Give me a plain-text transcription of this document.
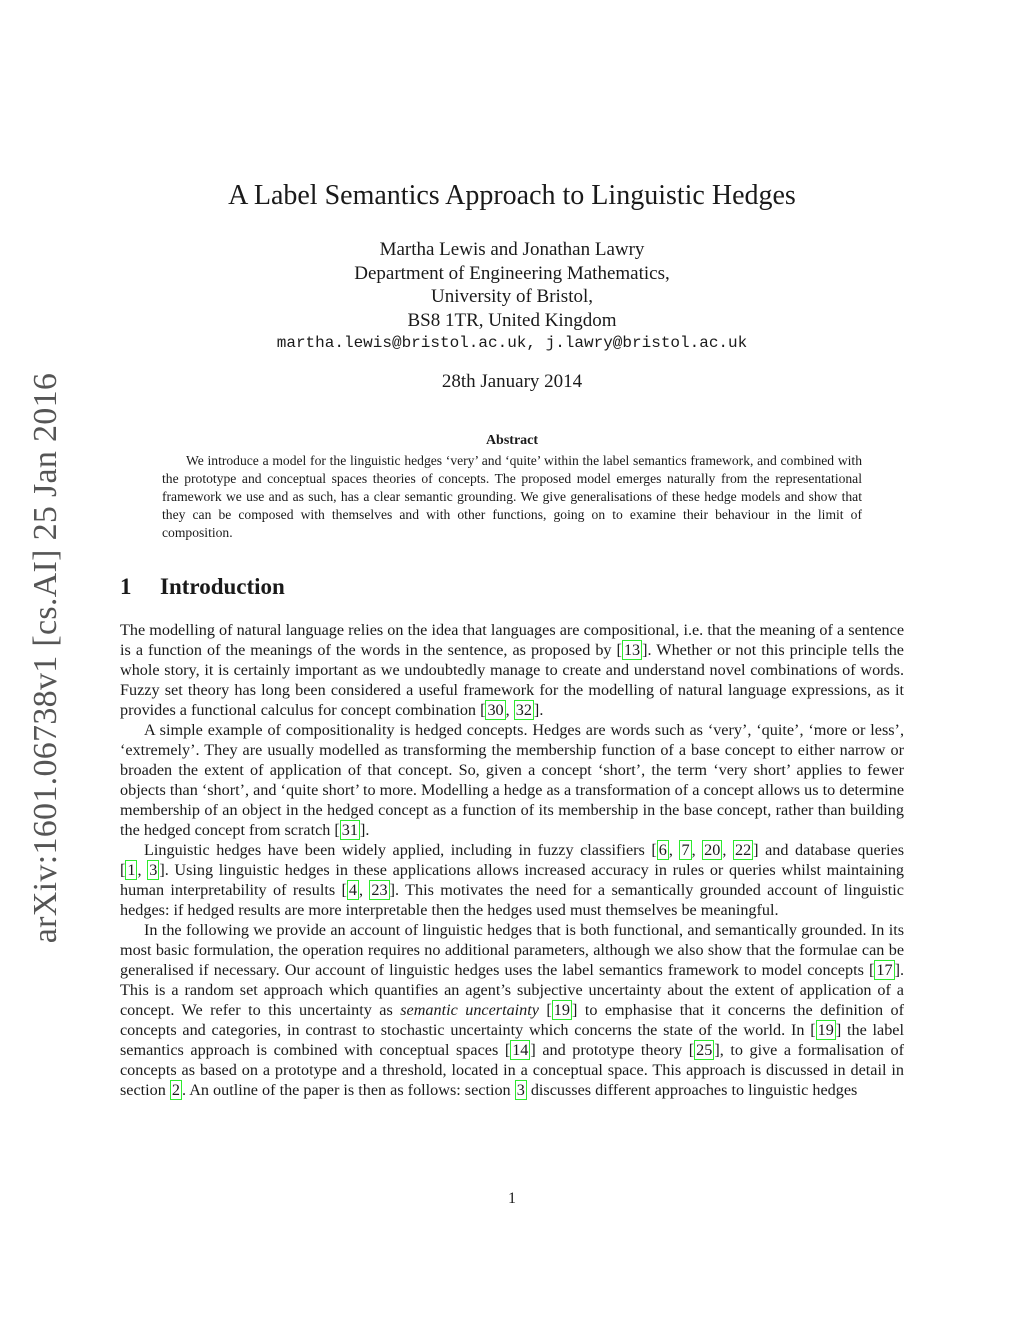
arXiv:1601.06738v1 [cs.AI] 25 Jan 2016
A Label Semantics Approach to Linguistic Hedges
Martha Lewis and Jonathan Lawry
Department of Engineering Mathematics,
University of Bristol,
BS8 1TR, United Kingdom
martha.lewis@bristol.ac.uk, j.lawry@bristol.ac.uk
28th January 2014
Abstract

We introduce a model for the linguistic hedges ‘very’ and ‘quite’ within the label semantics framework, and combined with the prototype and conceptual spaces theories of concepts. The proposed model emerges naturally from the representational framework we use and as such, has a clear semantic grounding. We give generalisations of these hedge models and show that they can be composed with themselves and with other functions, going on to examine their behaviour in the limit of composition.

1 Introduction

The modelling of natural language relies on the idea that languages are compositional, i.e. that the meaning of a sentence is a function of the meanings of the words in the sentence, as proposed by [ 13 ]. Whether or not this principle tells the whole story, it is certainly important as we undoubtedly manage to create and understand novel combinations of words. Fuzzy set theory has long been considered a useful framework for the modelling of natural language expressions, as it provides a functional calculus for concept combination [ 30 , 32 ].

A simple example of compositionality is hedged concepts. Hedges are words such as ‘very’, ‘quite’, ‘more or less’, ‘extremely’. They are usually modelled as transforming the membership function of a base concept to either narrow or broaden the extent of application of that concept. So, given a concept ‘short’, the term ‘very short’ applies to fewer objects than ‘short’, and ‘quite short’ to more. Modelling a hedge as a transformation of a concept allows us to determine membership of an object in the hedged concept as a function of its membership in the base concept, rather than building the hedged concept from scratch [ 31 ].

Linguistic hedges have been widely applied, including in fuzzy classifiers [ 6 , 7 , 20 , 22 ] and database queries [ 1 , 3 ]. Using linguistic hedges in these applications allows increased accuracy in rules or queries whilst maintaining human interpretability of results [ 4 , 23 ]. This motivates the need for a semantically grounded account of linguistic hedges: if hedged results are more interpretable then the hedges used must themselves be meaningful.

In the following we provide an account of linguistic hedges that is both functional, and semantically grounded. In its most basic formulation, the operation requires no additional parameters, although we also show that the formulae can be generalised if necessary. Our account of linguistic hedges uses the label semantics framework to model concepts [ 17 ]. This is a random set approach which quantifies an agent’s subjective uncertainty about the extent of application of a concept. We refer to this uncertainty as semantic uncertainty [ 19 ] to emphasise that it concerns the definition of concepts and categories, in contrast to stochastic uncertainty which concerns the state of the world. In [ 19 ] the label semantics approach is combined with conceptual spaces [ 14 ] and prototype theory [ 25 ], to give a formalisation of concepts as based on a prototype and a threshold, located in a conceptual space. This approach is discussed in detail in section 2 . An outline of the paper is then as follows: section 3 discusses different approaches to linguistic hedges

1
